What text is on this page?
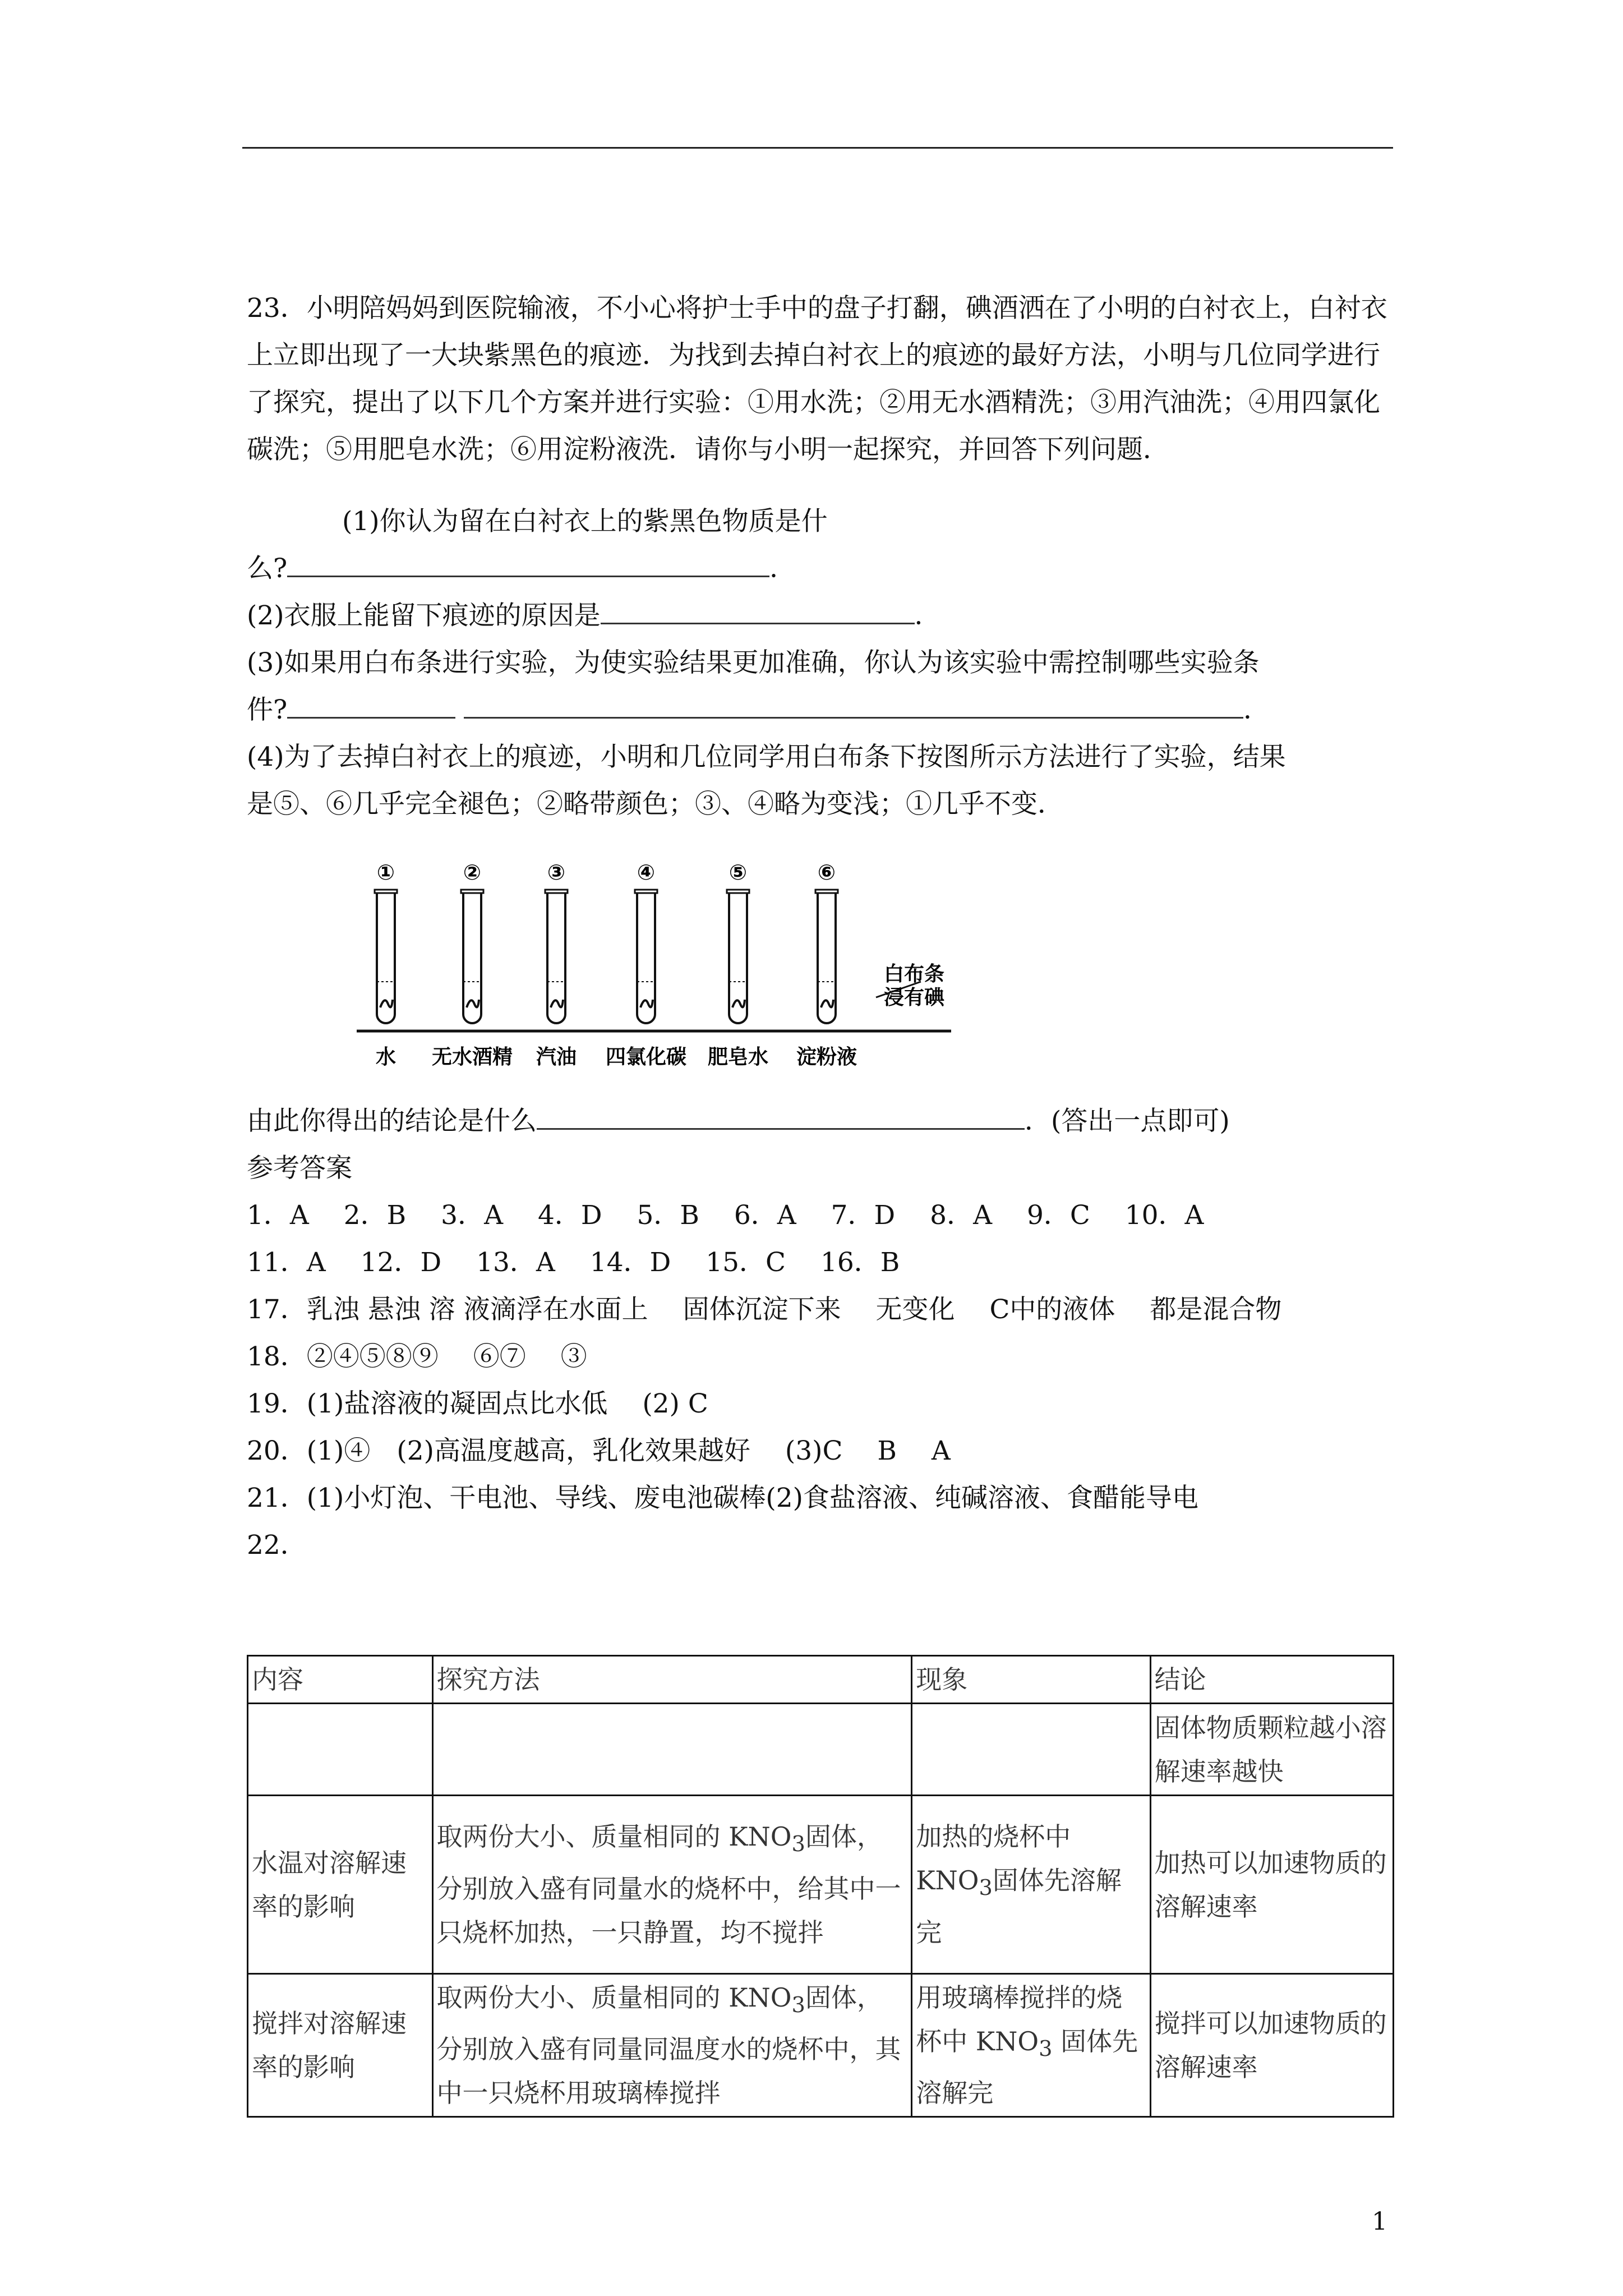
23．小明陪妈妈到医院输液，不小心将护士手中的盘子打翻，碘酒洒在了小明的白衬衣上，白衬衣上立即出现了一大块紫黑色的痕迹．为找到去掉白衬衣上的痕迹的最好方法，小明与几位同学进行了探究，提出了以下几个方案并进行实验：①用水洗；②用无水酒精洗；③用汽油洗；④用四氯化碳洗；⑤用肥皂水洗；⑥用淀粉液洗．请你与小明一起探究，并回答下列问题．

(1)你认为留在白衬衣上的紫黑色物质是什

么?	．

(2)衣服上能留下痕迹的原因是	．

(3)如果用白布条进行实验，为使实验结果更加准确，你认为该实验中需控制哪些实验条

件?	．

(4)为了去掉白衬衣上的痕迹，小明和几位同学用白布条下按图所示方法进行了实验，结果

是⑤、⑥几乎完全褪色；②略带颜色；③、④略为变浅；①几乎不变．

①
水
②
无水酒精
③
汽油
④
四氯化碳
⑤
肥皂水
⑥
淀粉液
白布条
浸有碘

由此你得出的结论是什么	．(答出一点即可)

参考答案

1．A　 2．B　 3．A　 4．D　 5．B　 6．A　 7．D　 8．A　 9．C　 10．A

11．A　 12．D　 13．A　 14．D　 15．C　 16．B

17．乳浊 悬浊 溶 液滴浮在水面上　 固体沉淀下来　 无变化　 C中的液体　 都是混合物

18．②④⑤⑧⑨　 ⑥⑦　 ③

19．(1)盐溶液的凝固点比水低　 (2) C

20．(1)④　(2)高温度越高，乳化效果越好　 (3)C　 B　 A

21．(1)小灯泡、干电池、导线、废电池碳棒(2)食盐溶液、纯碱溶液、食醋能导电

22．

内容	探究方法	现象	结论
			固体物质颗粒越小溶解速率越快
水温对溶解速率的影响	取两份大小、质量相同的 $KNO_3$固体，分别放入盛有同量水的烧杯中，给其中一只烧杯加热，一只静置，均不搅拌	加热的烧杯中$KNO_3$固体先溶解完	加热可以加速物质的溶解速率
搅拌对溶解速率的影响	取两份大小、质量相同的 $KNO_3$固体，分别放入盛有同量同温度水的烧杯中，其中一只烧杯用玻璃棒搅拌	用玻璃棒搅拌的烧杯中 $KNO_3$ 固体先溶解完	搅拌可以加速物质的溶解速率
1
